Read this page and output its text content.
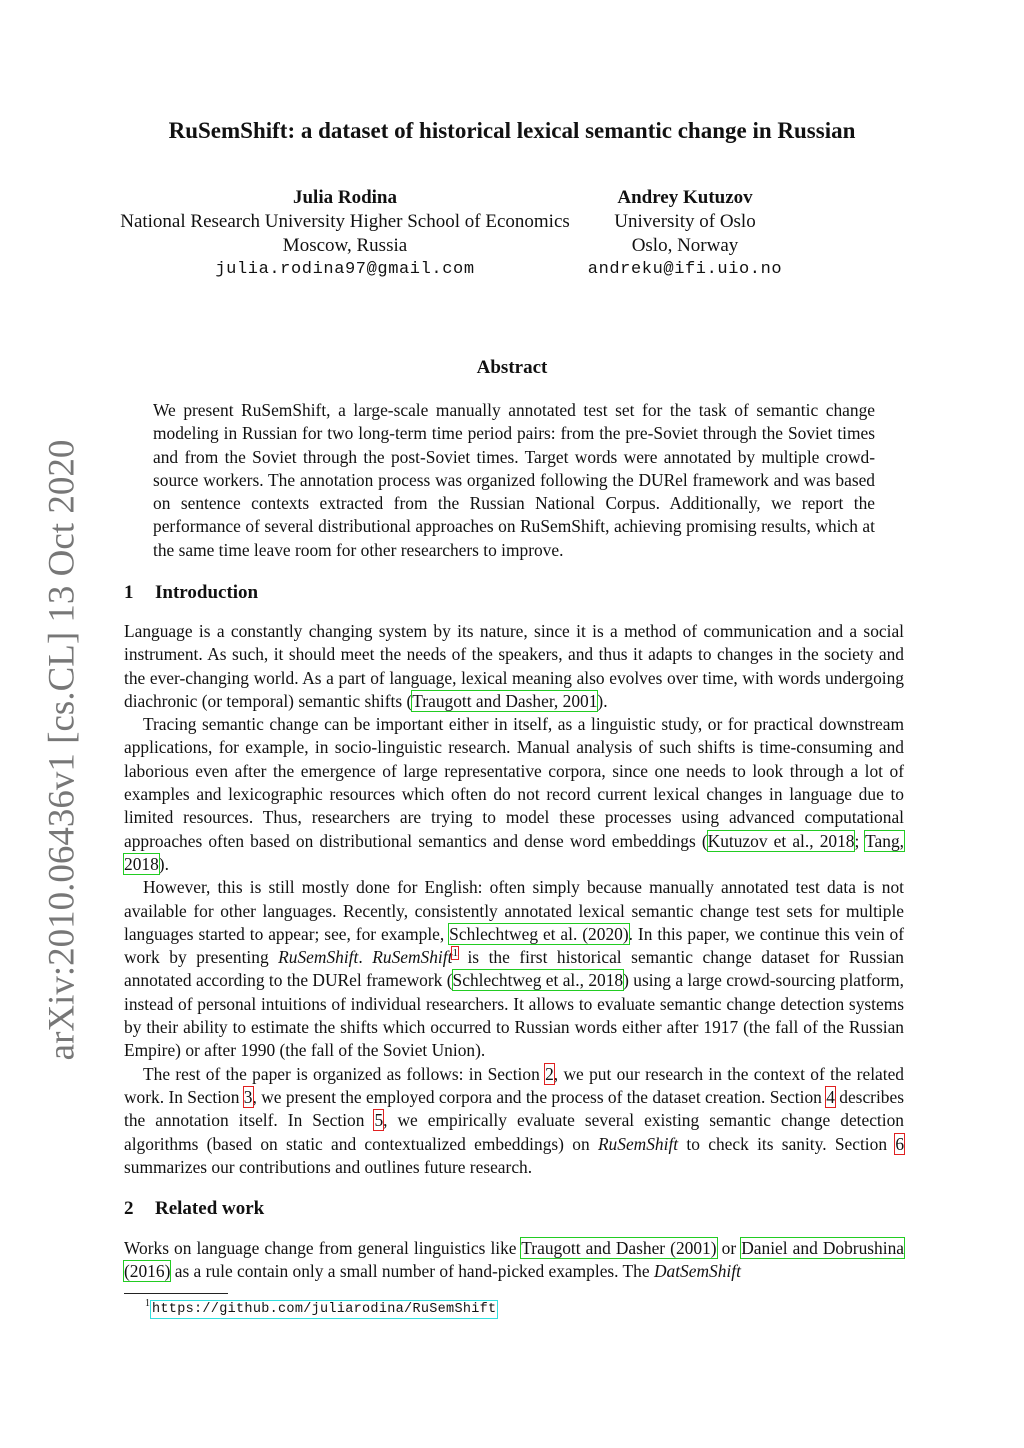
arXiv:2010.06436v1 [cs.CL] 13 Oct 2020
RuSemShift: a dataset of historical lexical semantic change in Russian
Julia Rodina
National Research University Higher School of Economics
Moscow, Russia
julia.rodina97@gmail.com
Andrey Kutuzov
University of Oslo
Oslo, Norway
andreku@ifi.uio.no
Abstract

We present RuSemShift, a large-scale manually annotated test set for the task of semantic change modeling in Russian for two long-term time period pairs: from the pre-Soviet through the Soviet times and from the Soviet through the post-Soviet times. Target words were annotated by multiple crowd-source workers. The annotation process was organized following the DURel framework and was based on sentence contexts extracted from the Russian National Corpus. Additionally, we report the performance of several distributional approaches on RuSemShift, achieving promising results, which at the same time leave room for other researchers to improve.

1 Introduction

Language is a constantly changing system by its nature, since it is a method of communication and a social instrument. As such, it should meet the needs of the speakers, and thus it adapts to changes in the society and the ever-changing world. As a part of language, lexical meaning also evolves over time, with words undergoing diachronic (or temporal) semantic shifts (Traugott and Dasher, 2001).

Tracing semantic change can be important either in itself, as a linguistic study, or for practical downstream applications, for example, in socio-linguistic research. Manual analysis of such shifts is time-consuming and laborious even after the emergence of large representative corpora, since one needs to look through a lot of examples and lexicographic resources which often do not record current lexical changes in language due to limited resources. Thus, researchers are trying to model these processes using advanced computational approaches often based on distributional semantics and dense word embeddings (Kutuzov et al., 2018; Tang, 2018).

However, this is still mostly done for English: often simply because manually annotated test data is not available for other languages. Recently, consistently annotated lexical semantic change test sets for multiple languages started to appear; see, for example, Schlechtweg et al. (2020). In this paper, we continue this vein of work by presenting RuSemShift. RuSemShift$^1$ is the first historical semantic change dataset for Russian annotated according to the DURel framework (Schlechtweg et al., 2018) using a large crowd-sourcing platform, instead of personal intuitions of individual researchers. It allows to evaluate semantic change detection systems by their ability to estimate the shifts which occurred to Russian words either after 1917 (the fall of the Russian Empire) or after 1990 (the fall of the Soviet Union).

The rest of the paper is organized as follows: in Section 2, we put our research in the context of the related work. In Section 3, we present the employed corpora and the process of the dataset creation. Section 4 describes the annotation itself. In Section 5, we empirically evaluate several existing semantic change detection algorithms (based on static and contextualized embeddings) on RuSemShift to check its sanity. Section 6 summarizes our contributions and outlines future research.

2 Related work

Works on language change from general linguistics like Traugott and Dasher (2001) or Daniel and Dobrushina (2016) as a rule contain only a small number of hand-picked examples. The DatSemShift

$^1$ https://github.com/juliarodina/RuSemShift
